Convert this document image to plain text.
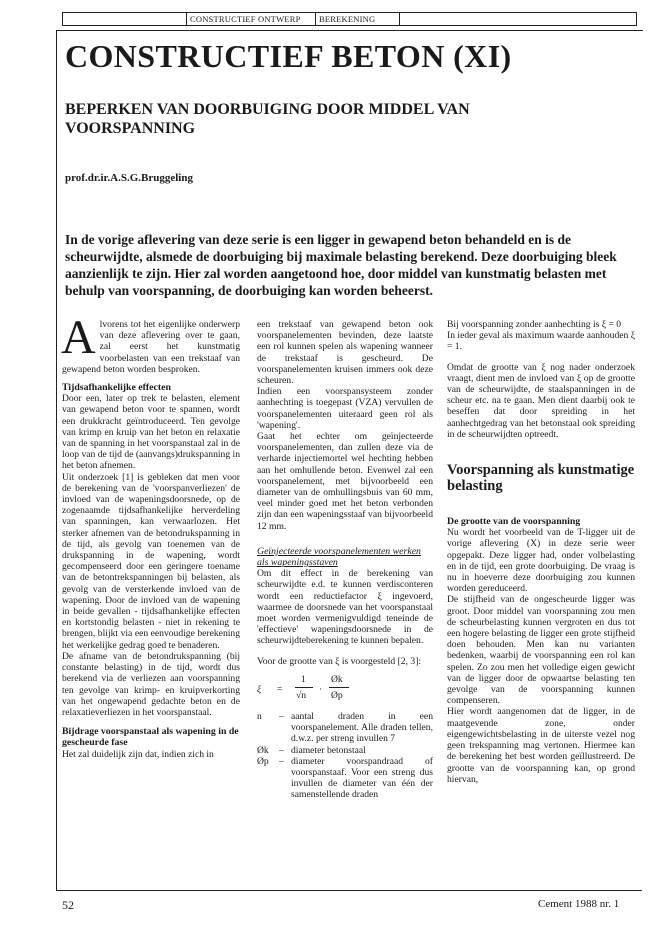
CONSTRUCTIEF ONTWERP	BEREKENING
CONSTRUCTIEF BETON (XI)
BEPERKEN VAN DOORBUIGING DOOR MIDDEL VAN VOORSPANNING
prof.dr.ir.A.S.G.Bruggeling
In de vorige aflevering van deze serie is een ligger in gewapend beton behandeld en is de scheurwijdte, alsmede de doorbuiging bij maximale belasting berekend. Deze doorbuiging bleek aanzienlijk te zijn. Hier zal worden aangetoond hoe, door middel van kunstmatig belasten met behulp van voorspanning, de doorbuiging kan worden beheerst.

Alvorens tot het eigenlijke onderwerp van deze aflevering over te gaan, zal eerst het kunstmatig voorbelasten van een trekstaaf van gewapend beton worden besproken.

Tijdsafhankelijke effecten

Door een, later op trek te belasten, element van gewapend beton voor te spannen, wordt een drukkracht geïntroduceerd. Ten gevolge van krimp en kruip van het beton en relaxatie van de spanning in het voorspanstaal zal in de loop van de tijd de (aanvangs)drukspanning in het beton afnemen.

Uit onderzoek [1] is gebleken dat men voor de berekening van de 'voorspanverliezen' de invloed van de wapeningsdoorsnede, op de zogenaamde tijdsafhankelijke herverdeling van spanningen, kan verwaarlozen. Het sterker afnemen van de betondrukspanning in de tijd, als gevolg van toenemen van de drukspanning in de wapening, wordt gecompenseerd door een geringere toename van de betontrekspanningen bij belasten, als gevolg van de versterkende invloed van de wapening. Door de invloed van de wapening in beide gevallen - tijdsafhankelijke effecten en kortstondig belasten - niet in rekening te brengen, blijkt via een eenvoudige berekening het werkelijke gedrag goed te benaderen.

De afname van de betondrukspanning (bij constante belasting) in de tijd, wordt dus berekend via de verliezen aan voorspanning ten gevolge van krimp- en kruipverkorting van het ongewapend gedachte beton en de relaxatieverliezen in het voorspanstaal.

Bijdrage voorspanstaal als wapening in de gescheurde fase

Het zal duidelijk zijn dat, indien zich in

een trekstaaf van gewapend beton ook voorspanelementen bevinden, deze laatste een rol kunnen spelen als wapening wanneer de trekstaaf is gescheurd. De voorspanelementen kruisen immers ook deze scheuren.

Indien een voorspansysteem zonder aanhechting is toegepast (VZA) vervullen de voorspanelementen uiteraard geen rol als 'wapening'.

Gaat het echter om geïnjecteerde voorspanelementen, dan zullen deze via de verharde injectiemortel wel hechting hebben aan het omhullende beton. Evenwel zal een voorspanelement, met bijvoorbeeld een diameter van de omhullingsbuis van 60 mm, veel minder goed met het beton verbonden zijn dan een wapeningsstaaf van bijvoorbeeld 12 mm.

Geïnjecteerde voorspanelementen werken als wapeningsstaven

Om dit effect in de berekening van scheurwijdte e.d. te kunnen verdisconteren wordt een reductiefactor ξ ingevoerd, waarmee de doorsnede van het voorspanstaal moet worden vermenigvuldigd teneinde de 'effectieve' wapeningsdoorsnede in de scheurwijdteberekening te kunnen bepalen.

Voor de grootte van ξ is voorgesteld [2, 3]:

ξ =
1
√n
·
Øk
Øp
n	– aantal draden in een voorspanelement. Alle draden tellen, d.w.z. per streng invullen 7
Øk	– diameter betonstaal
Øp	– diameter voorspandraad of voorspanstaaf. Voor een streng dus invullen de diameter van één der samenstellende draden

Bij voorspanning zonder aanhechting is ξ = 0

In ieder geval als maximum waarde aanhouden ξ = 1.

Omdat de grootte van ξ nog nader onderzoek vraagt, dient men de invloed van ξ op de grootte van de scheurwijdte, de staalspanningen in de scheur etc. na te gaan. Men dient daarbij ook te beseffen dat door spreiding in het aanhechtgedrag van het betonstaal ook spreiding in de scheurwijdten optreedt.

Voorspanning als kunstmatige belasting
De grootte van de voorspanning

Nu wordt het voorbeeld van de T-ligger uit de vorige aflevering (X) in deze serie weer opgepakt. Deze ligger had, onder volbelasting en in de tijd, een grote doorbuiging. De vraag is nu in hoeverre deze doorbuiging zou kunnen worden gereduceerd.

De stijfheid van de ongescheurde ligger was groot. Door middel van voorspanning zou men de scheurbelasting kunnen vergroten en dus tot een hogere belasting de ligger een grote stijfheid doen behouden. Men kan nu varianten bedenken, waarbij de voorspanning een rol kan spelen. Zo zou men het volledige eigen gewicht van de ligger door de opwaartse belasting ten gevolge van de voorspanning kunnen compenseren.

Hier wordt aangenomen dat de ligger, in de maatgevende zone, onder eigengewichtsbelasting in de uiterste vezel nog geen trekspanning mag vertonen. Hiermee kan de berekening het best worden geïllustreerd. De grootte van de voorspanning kan, op grond hiervan,

52	Cement 1988 nr. 1
